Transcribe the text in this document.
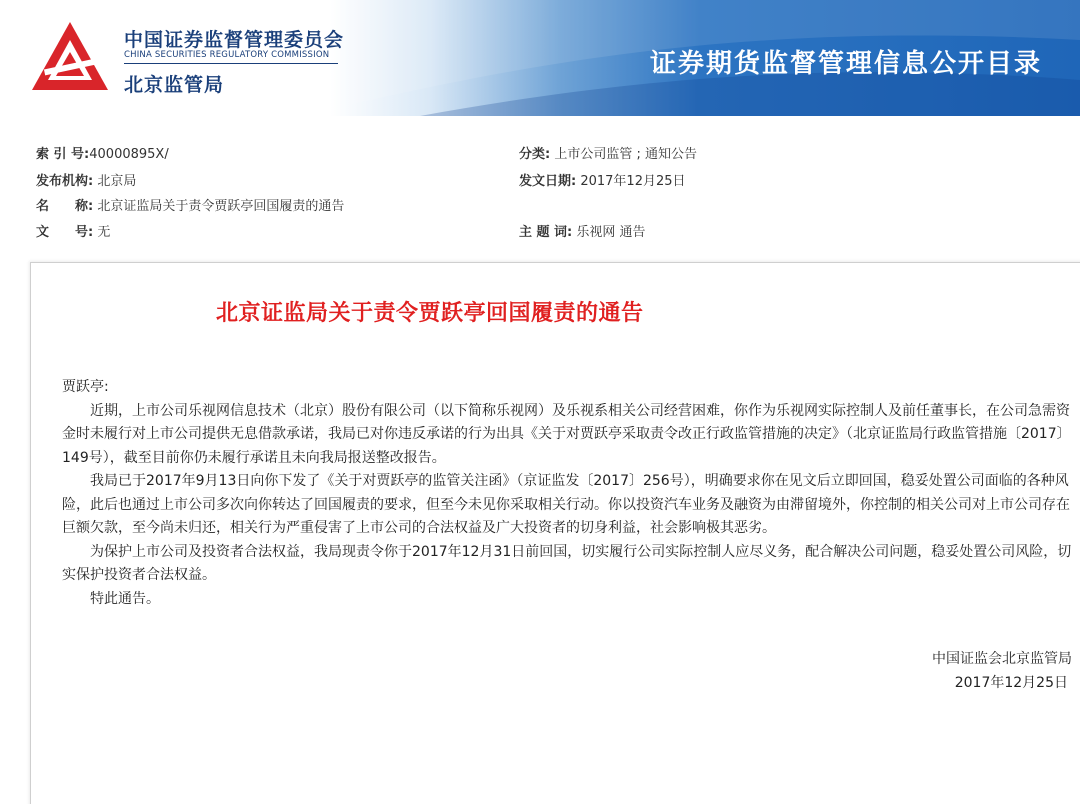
中国证券监督管理委员会
CHINA SECURITIES REGULATORY COMMISSION
北京监管局
证券期货监督管理信息公开目录
索 引 号:40000895X/	分类: 上市公司监管 ; 通知公告
发布机构: 北京局	发文日期: 2017年12月25日
名　　称: 北京证监局关于责令贾跃亭回国履责的通告
文　　号: 无	主 题 词: 乐视网 通告
北京证监局关于责令贾跃亭回国履责的通告

贾跃亭:

近期，上市公司乐视网信息技术（北京）股份有限公司（以下简称乐视网）及乐视系相关公司经营困难，你作为乐视网实际控制人及前任董事长，在公司急需资金时未履行对上市公司提供无息借款承诺，我局已对你违反承诺的行为出具《关于对贾跃亭采取责令改正行政监管措施的决定》（北京证监局行政监管措施〔2017〕149号），截至目前你仍未履行承诺且未向我局报送整改报告。

我局已于2017年9月13日向你下发了《关于对贾跃亭的监管关注函》（京证监发〔2017〕256号），明确要求你在见文后立即回国，稳妥处置公司面临的各种风险，此后也通过上市公司多次向你转达了回国履责的要求，但至今未见你采取相关行动。你以投资汽车业务及融资为由滞留境外，你控制的相关公司对上市公司存在巨额欠款，至今尚未归还，相关行为严重侵害了上市公司的合法权益及广大投资者的切身利益，社会影响极其恶劣。

为保护上市公司及投资者合法权益，我局现责令你于2017年12月31日前回国，切实履行公司实际控制人应尽义务，配合解决公司问题，稳妥处置公司风险，切实保护投资者合法权益。

特此通告。

中国证监会北京监管局
2017年12月25日
